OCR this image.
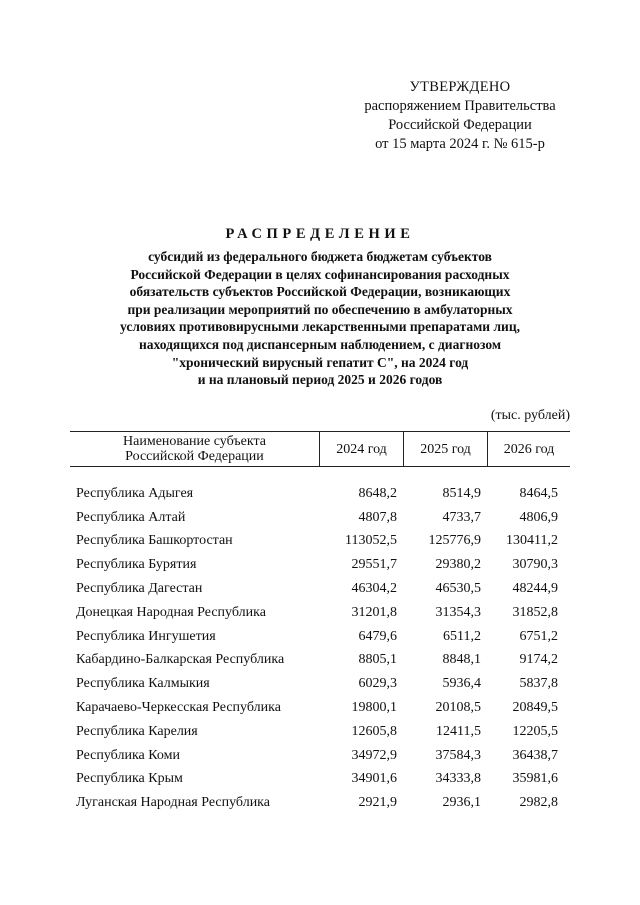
УТВЕРЖДЕНО
распоряжением Правительства
Российской Федерации
от 15 марта 2024 г. № 615-р
РАСПРЕДЕЛЕНИЕ
субсидий из федерального бюджета бюджетам субъектов
Российской Федерации в целях софинансирования расходных
обязательств субъектов Российской Федерации, возникающих
при реализации мероприятий по обеспечению в амбулаторных
условиях противовирусными лекарственными препаратами лиц,
находящихся под диспансерным наблюдением, с диагнозом
"хронический вирусный гепатит С", на 2024 год
и на плановый период 2025 и 2026 годов
(тыс. рублей)
Наименование субъекта
Российской Федерации	2024 год	2025 год	2026 год
Республика Адыгея	8648,2	8514,9	8464,5
Республика Алтай	4807,8	4733,7	4806,9
Республика Башкортостан	113052,5	125776,9	130411,2
Республика Бурятия	29551,7	29380,2	30790,3
Республика Дагестан	46304,2	46530,5	48244,9
Донецкая Народная Республика	31201,8	31354,3	31852,8
Республика Ингушетия	6479,6	6511,2	6751,2
Кабардино-Балкарская Республика	8805,1	8848,1	9174,2
Республика Калмыкия	6029,3	5936,4	5837,8
Карачаево-Черкесская Республика	19800,1	20108,5	20849,5
Республика Карелия	12605,8	12411,5	12205,5
Республика Коми	34972,9	37584,3	36438,7
Республика Крым	34901,6	34333,8	35981,6
Луганская Народная Республика	2921,9	2936,1	2982,8
